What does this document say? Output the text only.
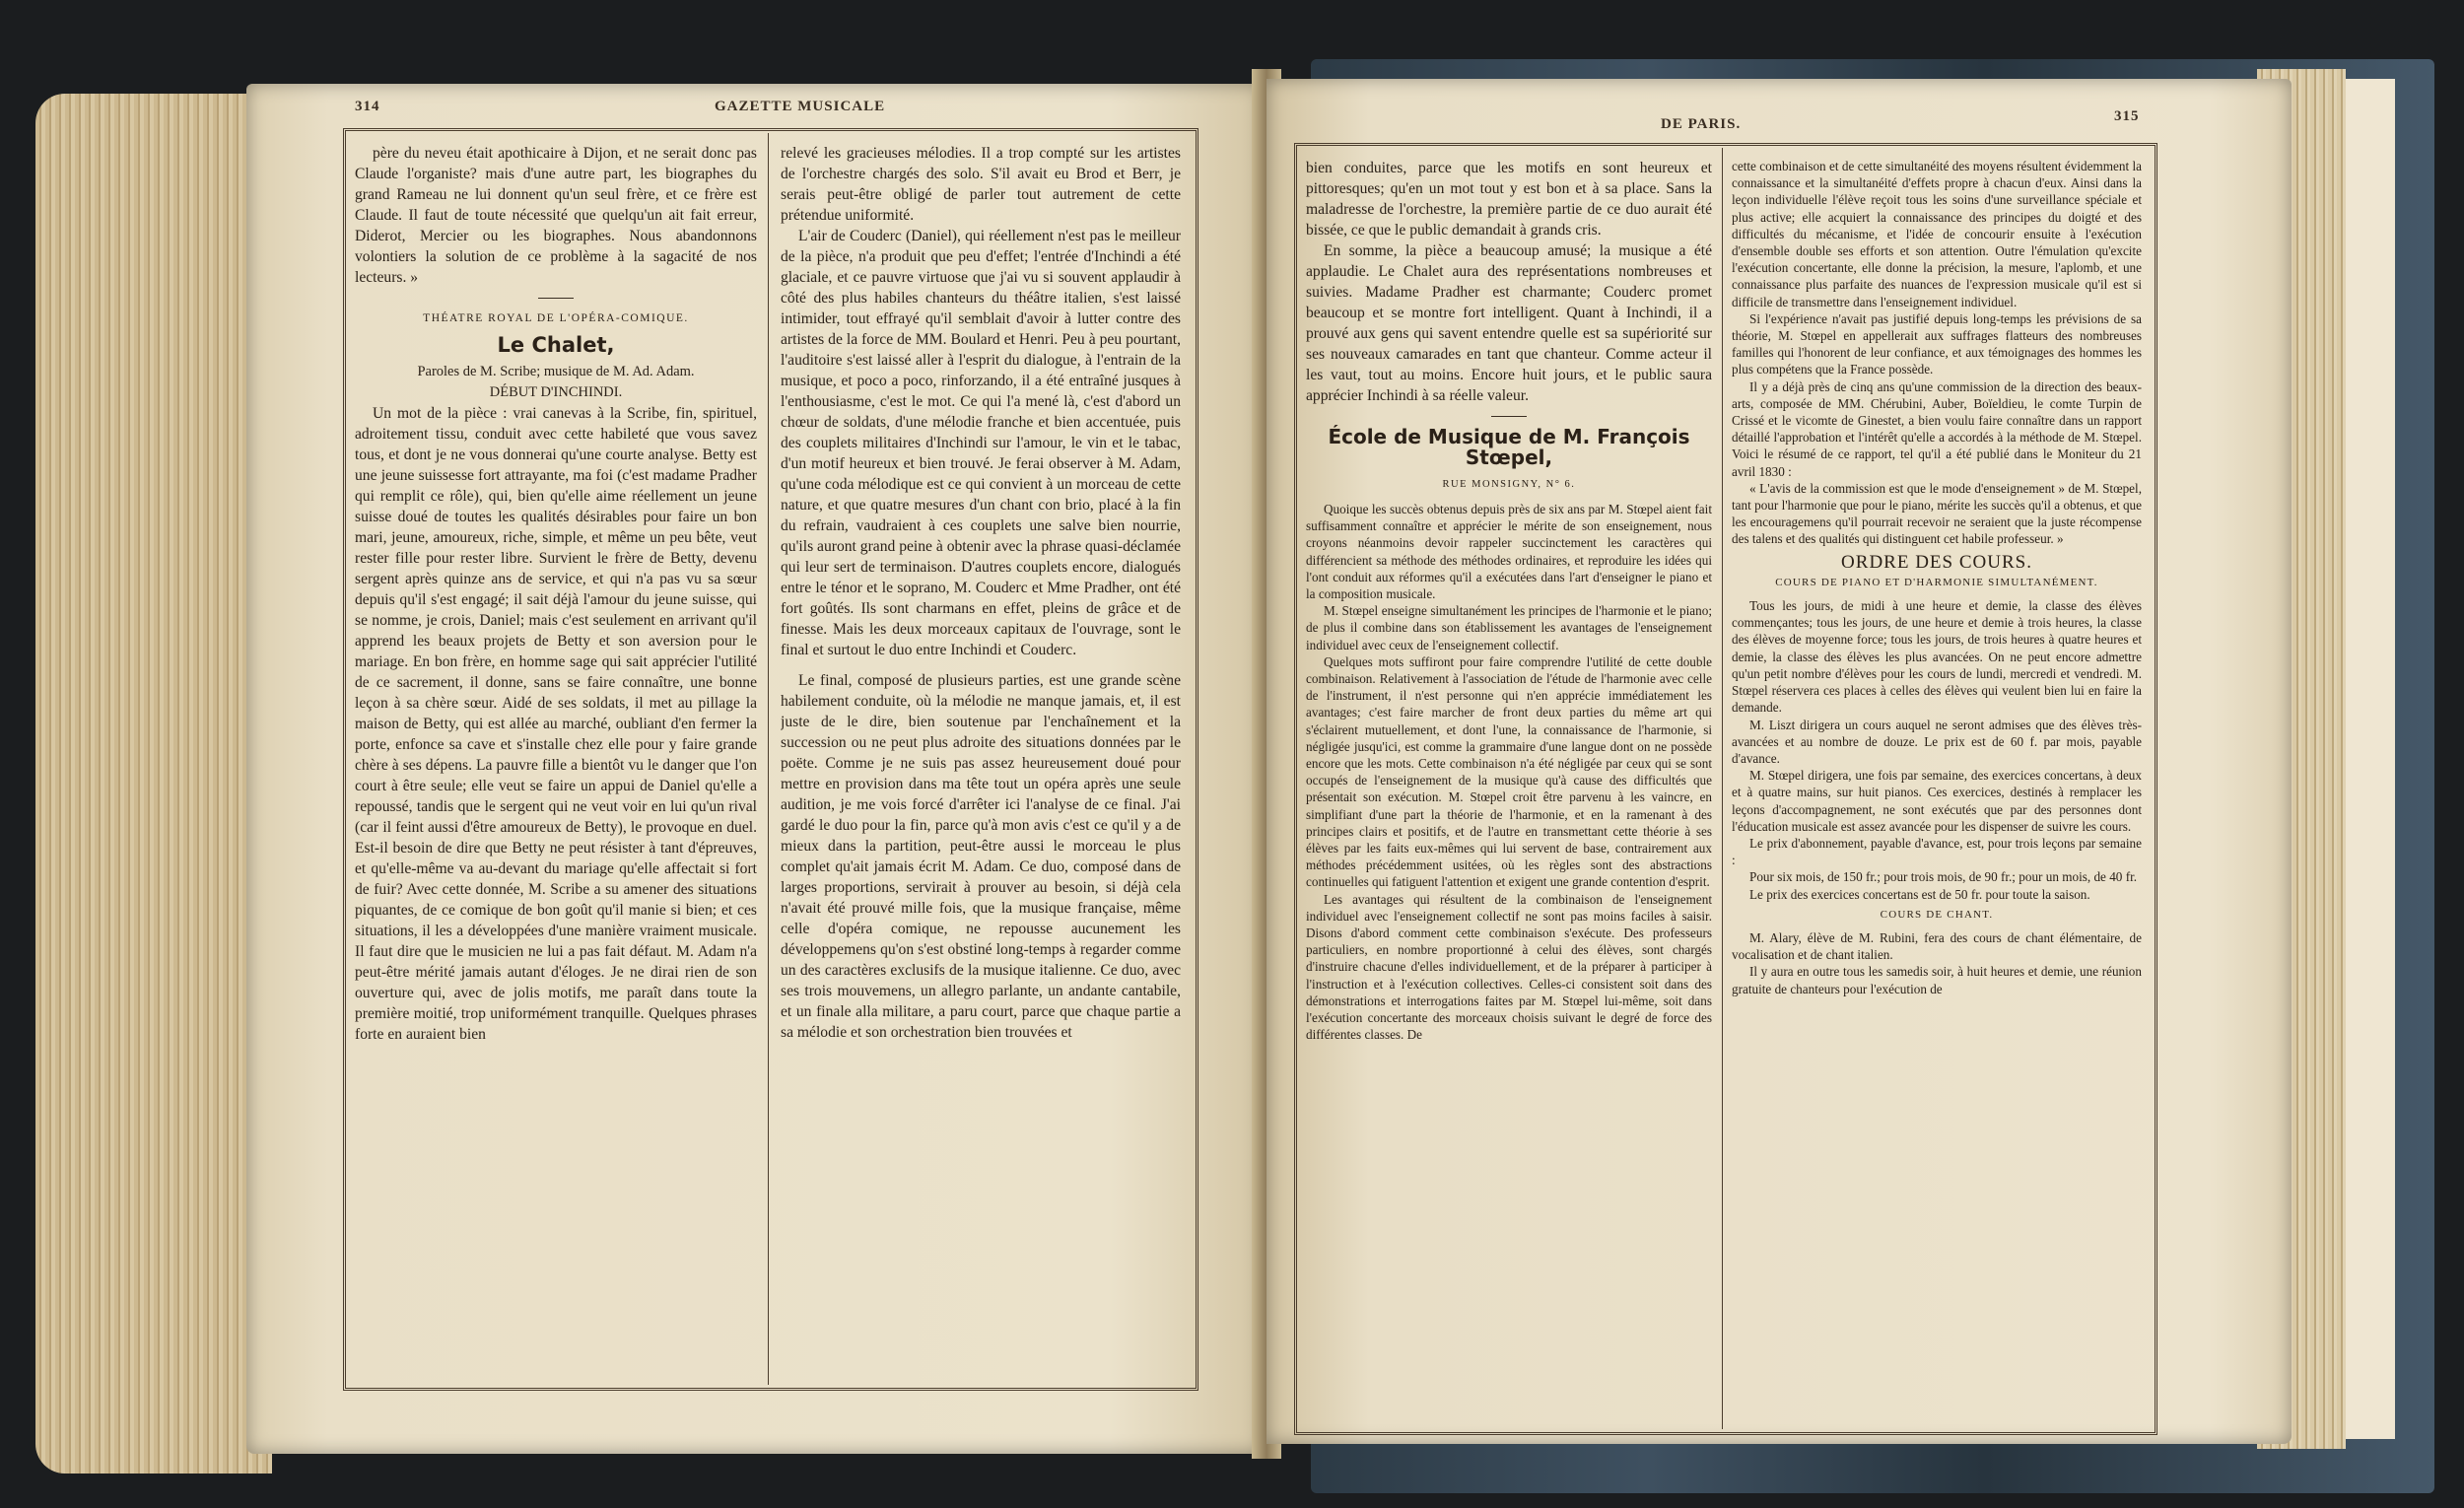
314	GAZETTE MUSICALE

père du neveu était apothicaire à Dijon, et ne serait donc pas Claude l'organiste? mais d'une autre part, les biographes du grand Rameau ne lui donnent qu'un seul frère, et ce frère est Claude. Il faut de toute nécessité que quelqu'un ait fait erreur, Diderot, Mercier ou les biographes. Nous abandonnons volontiers la solution de ce problème à la sagacité de nos lecteurs. »

THÉATRE ROYAL DE L'OPÉRA-COMIQUE.
Le Chalet,

Paroles de M. Scribe; musique de M. Ad. Adam.

DÉBUT D'INCHINDI.

Un mot de la pièce : vrai canevas à la Scribe, fin, spirituel, adroitement tissu, conduit avec cette habileté que vous savez tous, et dont je ne vous donnerai qu'une courte analyse. Betty est une jeune suissesse fort attrayante, ma foi (c'est madame Pradher qui remplit ce rôle), qui, bien qu'elle aime réellement un jeune suisse doué de toutes les qualités désirables pour faire un bon mari, jeune, amoureux, riche, simple, et même un peu bête, veut rester fille pour rester libre. Survient le frère de Betty, devenu sergent après quinze ans de service, et qui n'a pas vu sa sœur depuis qu'il s'est engagé; il sait déjà l'amour du jeune suisse, qui se nomme, je crois, Daniel; mais c'est seulement en arrivant qu'il apprend les beaux projets de Betty et son aversion pour le mariage. En bon frère, en homme sage qui sait apprécier l'utilité de ce sacrement, il donne, sans se faire connaître, une bonne leçon à sa chère sœur. Aidé de ses soldats, il met au pillage la maison de Betty, qui est allée au marché, oubliant d'en fermer la porte, enfonce sa cave et s'installe chez elle pour y faire grande chère à ses dépens. La pauvre fille a bientôt vu le danger que l'on court à être seule; elle veut se faire un appui de Daniel qu'elle a repoussé, tandis que le sergent qui ne veut voir en lui qu'un rival (car il feint aussi d'être amoureux de Betty), le provoque en duel. Est-il besoin de dire que Betty ne peut résister à tant d'épreuves, et qu'elle-même va au-devant du mariage qu'elle affectait si fort de fuir? Avec cette donnée, M. Scribe a su amener des situations piquantes, de ce comique de bon goût qu'il manie si bien; et ces situations, il les a développées d'une manière vraiment musicale. Il faut dire que le musicien ne lui a pas fait défaut. M. Adam n'a peut-être mérité jamais autant d'éloges. Je ne dirai rien de son ouverture qui, avec de jolis motifs, me paraît dans toute la première moitié, trop uniformément tranquille. Quelques phrases forte en auraient bien

relevé les gracieuses mélodies. Il a trop compté sur les artistes de l'orchestre chargés des solo. S'il avait eu Brod et Berr, je serais peut-être obligé de parler tout autrement de cette prétendue uniformité.

L'air de Couderc (Daniel), qui réellement n'est pas le meilleur de la pièce, n'a produit que peu d'effet; l'entrée d'Inchindi a été glaciale, et ce pauvre virtuose que j'ai vu si souvent applaudir à côté des plus habiles chanteurs du théâtre italien, s'est laissé intimider, tout effrayé qu'il semblait d'avoir à lutter contre des artistes de la force de MM. Boulard et Henri. Peu à peu pourtant, l'auditoire s'est laissé aller à l'esprit du dialogue, à l'entrain de la musique, et poco a poco, rinforzando, il a été entraîné jusques à l'enthousiasme, c'est le mot. Ce qui l'a mené là, c'est d'abord un chœur de soldats, d'une mélodie franche et bien accentuée, puis des couplets militaires d'Inchindi sur l'amour, le vin et le tabac, d'un motif heureux et bien trouvé. Je ferai observer à M. Adam, qu'une coda mélodique est ce qui convient à un morceau de cette nature, et que quatre mesures d'un chant con brio, placé à la fin du refrain, vaudraient à ces couplets une salve bien nourrie, qu'ils auront grand peine à obtenir avec la phrase quasi-déclamée qui leur sert de terminaison. D'autres couplets encore, dialogués entre le ténor et le soprano, M. Couderc et Mme Pradher, ont été fort goûtés. Ils sont charmans en effet, pleins de grâce et de finesse. Mais les deux morceaux capitaux de l'ouvrage, sont le final et surtout le duo entre Inchindi et Couderc.

Le final, composé de plusieurs parties, est une grande scène habilement conduite, où la mélodie ne manque jamais, et, il est juste de le dire, bien soutenue par l'enchaînement et la succession ou ne peut plus adroite des situations données par le poëte. Comme je ne suis pas assez heureusement doué pour mettre en provision dans ma tête tout un opéra après une seule audition, je me vois forcé d'arrêter ici l'analyse de ce final. J'ai gardé le duo pour la fin, parce qu'à mon avis c'est ce qu'il y a de mieux dans la partition, peut-être aussi le morceau le plus complet qu'ait jamais écrit M. Adam. Ce duo, composé dans de larges proportions, servirait à prouver au besoin, si déjà cela n'avait été prouvé mille fois, que la musique française, même celle d'opéra comique, ne repousse aucunement les développemens qu'on s'est obstiné long-temps à regarder comme un des caractères exclusifs de la musique italienne. Ce duo, avec ses trois mouvemens, un allegro parlante, un andante cantabile, et un finale alla militare, a paru court, parce que chaque partie a sa mélodie et son orchestration bien trouvées et

DE PARIS.	315

bien conduites, parce que les motifs en sont heureux et pittoresques; qu'en un mot tout y est bon et à sa place. Sans la maladresse de l'orchestre, la première partie de ce duo aurait été bissée, ce que le public demandait à grands cris.

En somme, la pièce a beaucoup amusé; la musique a été applaudie. Le Chalet aura des représentations nombreuses et suivies. Madame Pradher est charmante; Couderc promet beaucoup et se montre fort intelligent. Quant à Inchindi, il a prouvé aux gens qui savent entendre quelle est sa supériorité sur ses nouveaux camarades en tant que chanteur. Comme acteur il les vaut, tout au moins. Encore huit jours, et le public saura apprécier Inchindi à sa réelle valeur.

École de Musique de M. François Stœpel,
RUE MONSIGNY, N° 6.

Quoique les succès obtenus depuis près de six ans par M. Stœpel aient fait suffisamment connaître et apprécier le mérite de son enseignement, nous croyons néanmoins devoir rappeler succinctement les caractères qui différencient sa méthode des méthodes ordinaires, et reproduire les idées qui l'ont conduit aux réformes qu'il a exécutées dans l'art d'enseigner le piano et la composition musicale.

M. Stœpel enseigne simultanément les principes de l'harmonie et le piano; de plus il combine dans son établissement les avantages de l'enseignement individuel avec ceux de l'enseignement collectif.

Quelques mots suffiront pour faire comprendre l'utilité de cette double combinaison. Relativement à l'association de l'étude de l'harmonie avec celle de l'instrument, il n'est personne qui n'en apprécie immédiatement les avantages; c'est faire marcher de front deux parties du même art qui s'éclairent mutuellement, et dont l'une, la connaissance de l'harmonie, si négligée jusqu'ici, est comme la grammaire d'une langue dont on ne possède encore que les mots. Cette combinaison n'a été négligée par ceux qui se sont occupés de l'enseignement de la musique qu'à cause des difficultés que présentait son exécution. M. Stœpel croit être parvenu à les vaincre, en simplifiant d'une part la théorie de l'harmonie, et en la ramenant à des principes clairs et positifs, et de l'autre en transmettant cette théorie à ses élèves par les faits eux-mêmes qui lui servent de base, contrairement aux méthodes précédemment usitées, où les règles sont des abstractions continuelles qui fatiguent l'attention et exigent une grande contention d'esprit.

Les avantages qui résultent de la combinaison de l'enseignement individuel avec l'enseignement collectif ne sont pas moins faciles à saisir. Disons d'abord comment cette combinaison s'exécute. Des professeurs particuliers, en nombre proportionné à celui des élèves, sont chargés d'instruire chacune d'elles individuellement, et de la préparer à participer à l'instruction et à l'exécution collectives. Celles-ci consistent soit dans des démonstrations et interrogations faites par M. Stœpel lui-même, soit dans l'exécution concertante des morceaux choisis suivant le degré de force des différentes classes. De

cette combinaison et de cette simultanéité des moyens résultent évidemment la connaissance et la simultanéité d'effets propre à chacun d'eux. Ainsi dans la leçon individuelle l'élève reçoit tous les soins d'une surveillance spéciale et plus active; elle acquiert la connaissance des principes du doigté et des difficultés du mécanisme, et l'idée de concourir ensuite à l'exécution d'ensemble double ses efforts et son attention. Outre l'émulation qu'excite l'exécution concertante, elle donne la précision, la mesure, l'aplomb, et une connaissance plus parfaite des nuances de l'expression musicale qu'il est si difficile de transmettre dans l'enseignement individuel.

Si l'expérience n'avait pas justifié depuis long-temps les prévisions de sa théorie, M. Stœpel en appellerait aux suffrages flatteurs des nombreuses familles qui l'honorent de leur confiance, et aux témoignages des hommes les plus compétens que la France possède.

Il y a déjà près de cinq ans qu'une commission de la direction des beaux-arts, composée de MM. Chérubini, Auber, Boïeldieu, le comte Turpin de Crissé et le vicomte de Ginestet, a bien voulu faire connaître dans un rapport détaillé l'approbation et l'intérêt qu'elle a accordés à la méthode de M. Stœpel. Voici le résumé de ce rapport, tel qu'il a été publié dans le Moniteur du 21 avril 1830 :

« L'avis de la commission est que le mode d'enseignement » de M. Stœpel, tant pour l'harmonie que pour le piano, mérite les succès qu'il a obtenus, et que les encouragemens qu'il pourrait recevoir ne seraient que la juste récompense des talens et des qualités qui distinguent cet habile professeur. »

ORDRE DES COURS.
COURS DE PIANO ET D'HARMONIE SIMULTANÉMENT.

Tous les jours, de midi à une heure et demie, la classe des élèves commençantes; tous les jours, de une heure et demie à trois heures, la classe des élèves de moyenne force; tous les jours, de trois heures à quatre heures et demie, la classe des élèves les plus avancées. On ne peut encore admettre qu'un petit nombre d'élèves pour les cours de lundi, mercredi et vendredi. M. Stœpel réservera ces places à celles des élèves qui veulent bien lui en faire la demande.

M. Liszt dirigera un cours auquel ne seront admises que des élèves très-avancées et au nombre de douze. Le prix est de 60 f. par mois, payable d'avance.

M. Stœpel dirigera, une fois par semaine, des exercices concertans, à deux et à quatre mains, sur huit pianos. Ces exercices, destinés à remplacer les leçons d'accompagnement, ne sont exécutés que par des personnes dont l'éducation musicale est assez avancée pour les dispenser de suivre les cours.

Le prix d'abonnement, payable d'avance, est, pour trois leçons par semaine :

Pour six mois, de 150 fr.; pour trois mois, de 90 fr.; pour un mois, de 40 fr.

Le prix des exercices concertans est de 50 fr. pour toute la saison.

COURS DE CHANT.

M. Alary, élève de M. Rubini, fera des cours de chant élémentaire, de vocalisation et de chant italien.

Il y aura en outre tous les samedis soir, à huit heures et demie, une réunion gratuite de chanteurs pour l'exécution de
